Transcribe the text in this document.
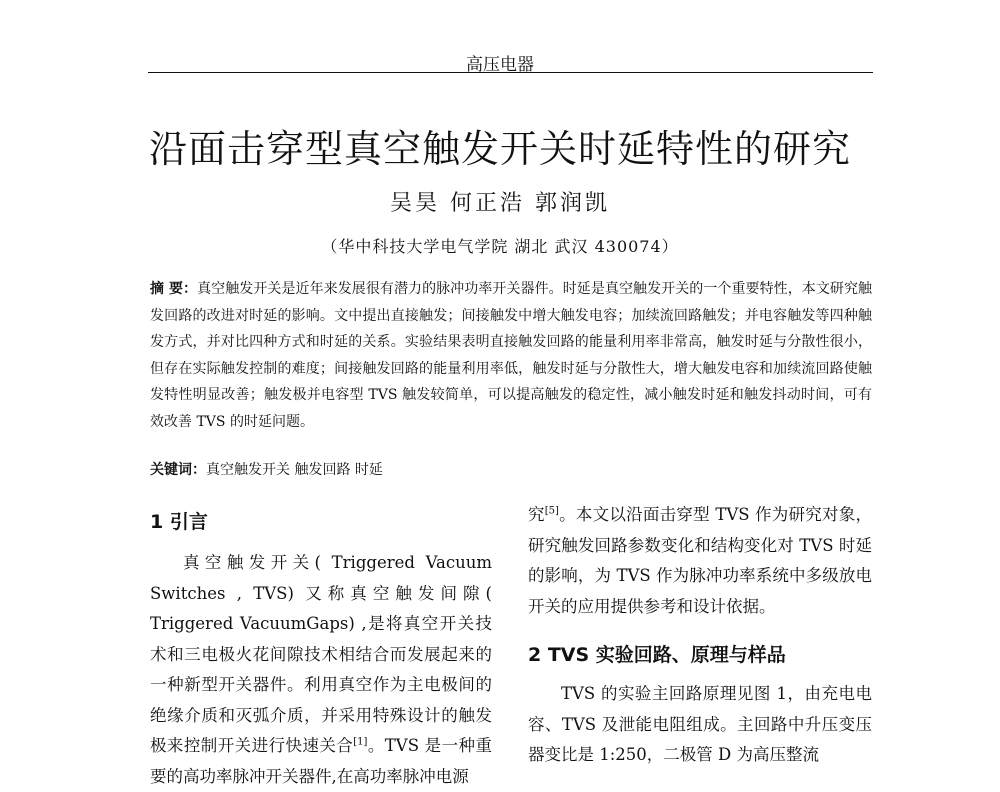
高压电器
沿面击穿型真空触发开关时延特性的研究
吴昊 何正浩 郭润凯
（华中科技大学电气学院 湖北 武汉 430074）
摘 要：真空触发开关是近年来发展很有潜力的脉冲功率开关器件。时延是真空触发开关的一个重要特性，本文研究触发回路的改进对时延的影响。文中提出直接触发；间接触发中增大触发电容；加续流回路触发；并电容触发等四种触发方式，并对比四种方式和时延的关系。实验结果表明直接触发回路的能量利用率非常高，触发时延与分散性很小，但存在实际触发控制的难度；间接触发回路的能量利用率低，触发时延与分散性大，增大触发电容和加续流回路使触发特性明显改善；触发极并电容型 TVS 触发较简单，可以提高触发的稳定性，减小触发时延和触发抖动时间，可有效改善 TVS 的时延问题。
关键词：真空触发开关 触发回路 时延
1 引言

真空触发开关( Triggered Vacuum Switches , TVS) 又称真空触发间隙( Triggered VacuumGaps) ,是将真空开关技术和三电极火花间隙技术相结合而发展起来的一种新型开关器件。利用真空作为主电极间的绝缘介质和灭弧介质，并采用特殊设计的触发极来控制开关进行快速关合[1]。TVS 是一种重要的高功率脉冲开关器件,在高功率脉冲电源

究[5]。本文以沿面击穿型 TVS 作为研究对象，研究触发回路参数变化和结构变化对 TVS 时延的影响，为 TVS 作为脉冲功率系统中多级放电开关的应用提供参考和设计依据。

2 TVS 实验回路、原理与样品

TVS 的实验主回路原理见图 1，由充电电容、TVS 及泄能电阻组成。主回路中升压变压器变比是 1:250，二极管 D 为高压整流
